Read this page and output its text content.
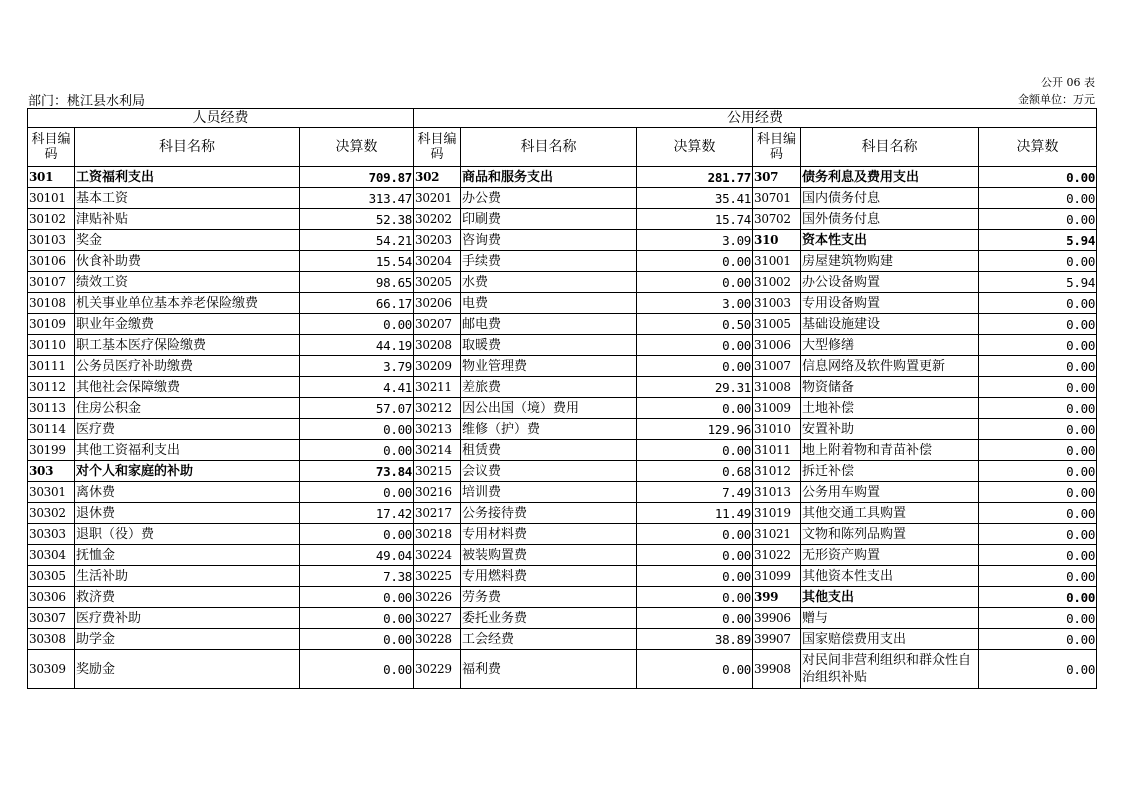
公开 06 表
部门：桃江县水利局	金额单位：万元
人员经费			公用经费					
科目编码	科目名称	决算数	科目编码	科目名称	决算数	科目编码	科目名称	决算数
301	工资福利支出	709.87	302	商品和服务支出	281.77	307	债务利息及费用支出	0.00
30101	基本工资	313.47	30201	办公费	35.41	30701	国内债务付息	0.00
30102	津贴补贴	52.38	30202	印刷费	15.74	30702	国外债务付息	0.00
30103	奖金	54.21	30203	咨询费	3.09	310	资本性支出	5.94
30106	伙食补助费	15.54	30204	手续费	0.00	31001	房屋建筑物购建	0.00
30107	绩效工资	98.65	30205	水费	0.00	31002	办公设备购置	5.94
30108	机关事业单位基本养老保险缴费	66.17	30206	电费	3.00	31003	专用设备购置	0.00
30109	职业年金缴费	0.00	30207	邮电费	0.50	31005	基础设施建设	0.00
30110	职工基本医疗保险缴费	44.19	30208	取暖费	0.00	31006	大型修缮	0.00
30111	公务员医疗补助缴费	3.79	30209	物业管理费	0.00	31007	信息网络及软件购置更新	0.00
30112	其他社会保障缴费	4.41	30211	差旅费	29.31	31008	物资储备	0.00
30113	住房公积金	57.07	30212	因公出国（境）费用	0.00	31009	土地补偿	0.00
30114	医疗费	0.00	30213	维修（护）费	129.96	31010	安置补助	0.00
30199	其他工资福利支出	0.00	30214	租赁费	0.00	31011	地上附着物和青苗补偿	0.00
303	对个人和家庭的补助	73.84	30215	会议费	0.68	31012	拆迁补偿	0.00
30301	离休费	0.00	30216	培训费	7.49	31013	公务用车购置	0.00
30302	退休费	17.42	30217	公务接待费	11.49	31019	其他交通工具购置	0.00
30303	退职（役）费	0.00	30218	专用材料费	0.00	31021	文物和陈列品购置	0.00
30304	抚恤金	49.04	30224	被装购置费	0.00	31022	无形资产购置	0.00
30305	生活补助	7.38	30225	专用燃料费	0.00	31099	其他资本性支出	0.00
30306	救济费	0.00	30226	劳务费	0.00	399	其他支出	0.00
30307	医疗费补助	0.00	30227	委托业务费	0.00	39906	赠与	0.00
30308	助学金	0.00	30228	工会经费	38.89	39907	国家赔偿费用支出	0.00
30309	奖励金	0.00	30229	福利费	0.00	39908	对民间非营利组织和群众性自治组织补贴	0.00
